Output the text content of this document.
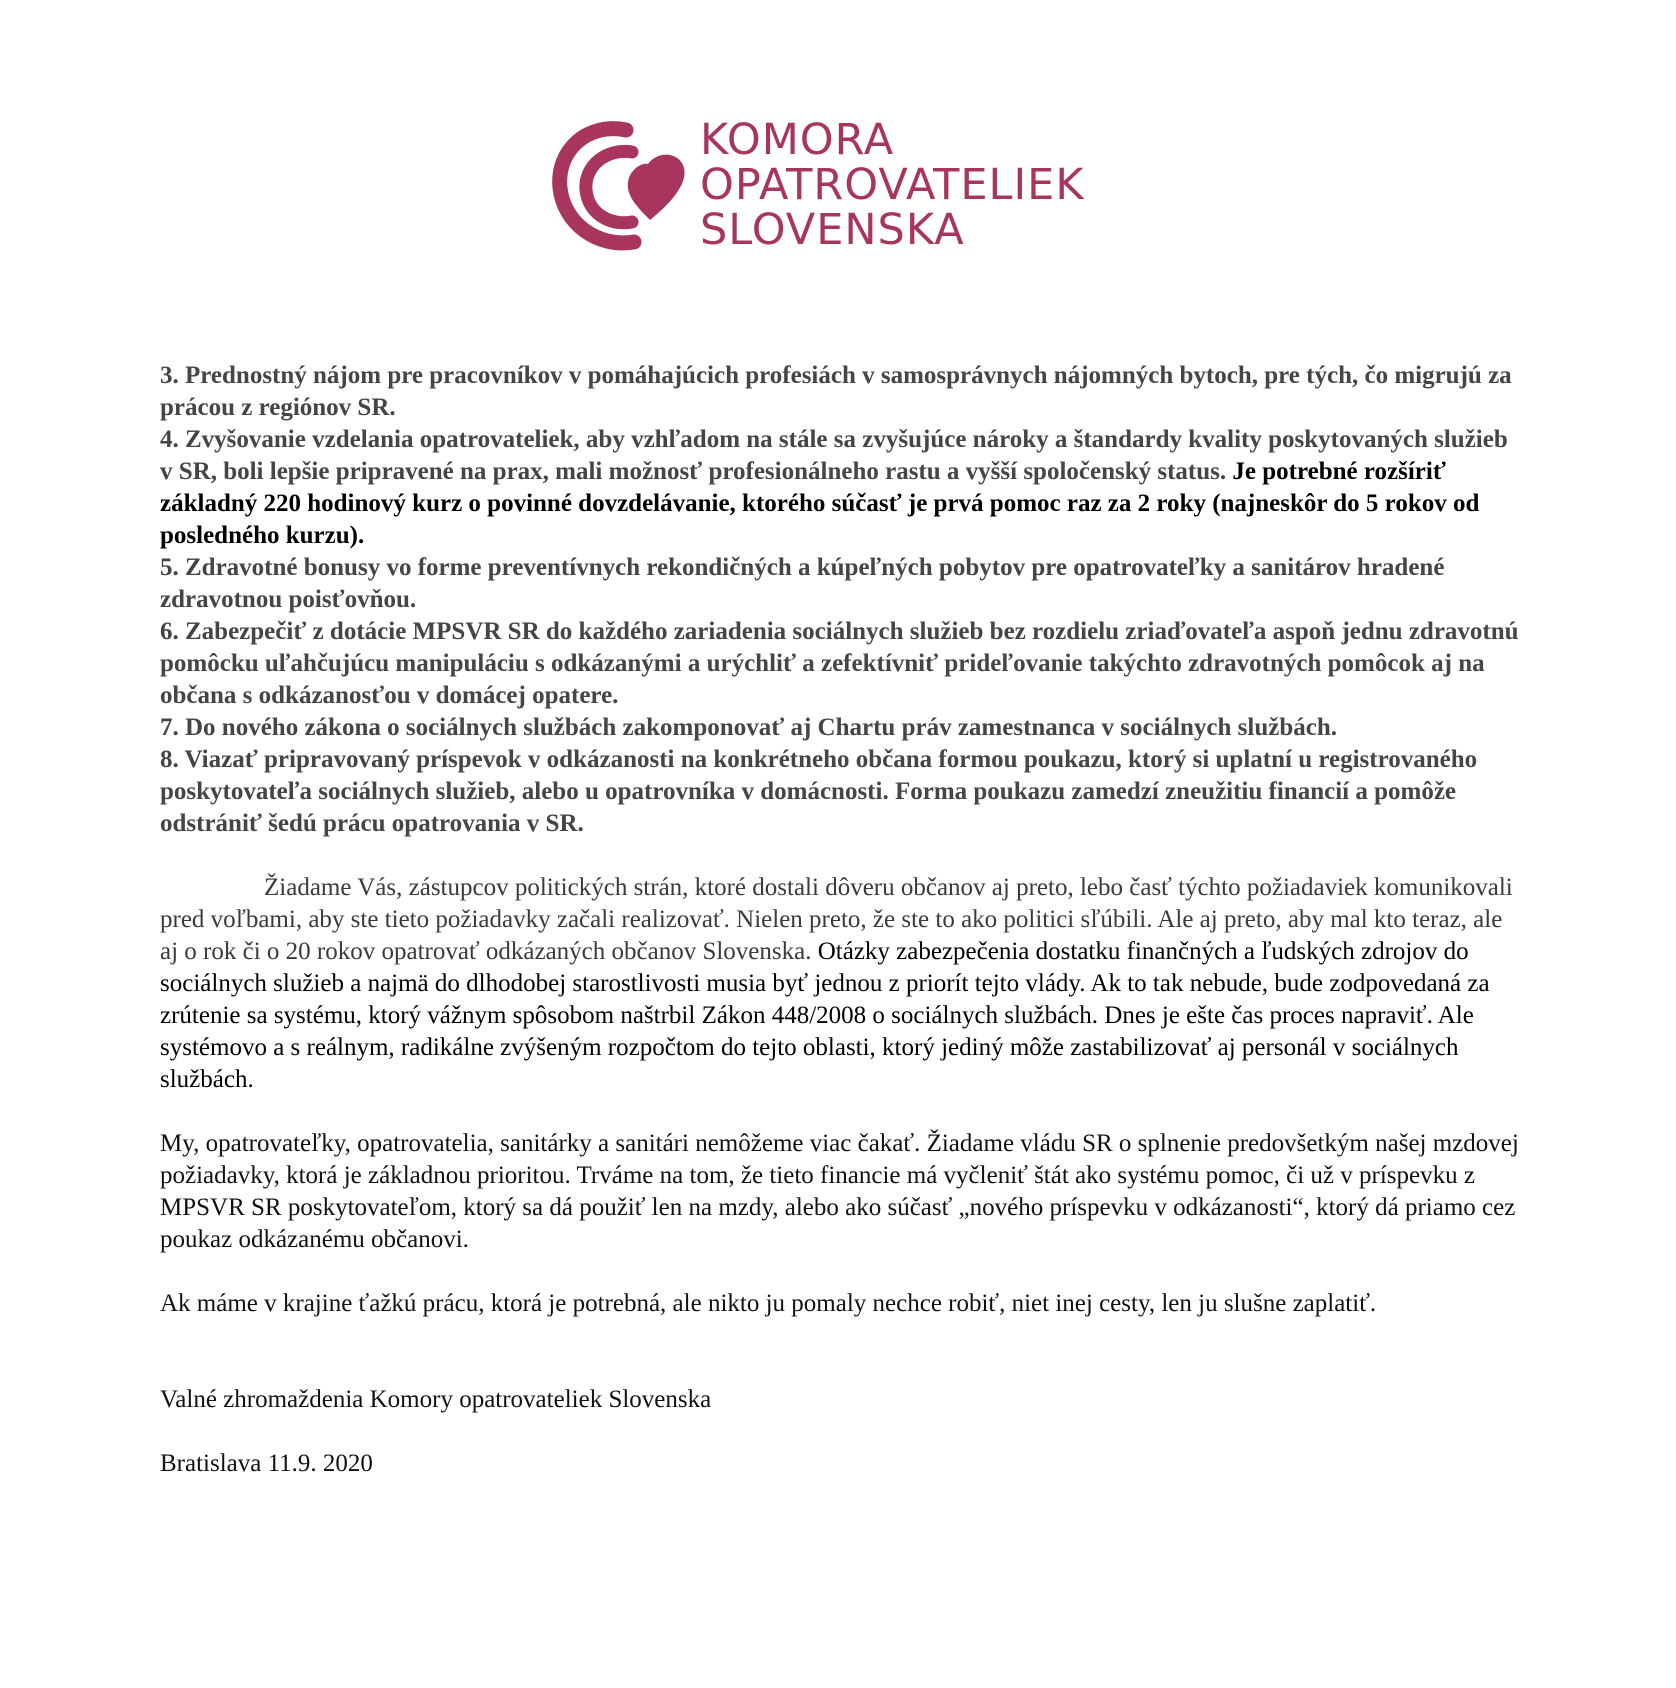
KOMORA
OPATROVATELIEK
SLOVENSKA

3. Prednostný nájom pre pracovníkov v pomáhajúcich profesiách v samosprávnych nájomných bytoch, pre tých, čo migrujú za prácou z regiónov SR.

4. Zvyšovanie vzdelania opatrovateliek, aby vzhľadom na stále sa zvyšujúce nároky a štandardy kvality poskytovaných služieb v SR, boli lepšie pripravené na prax, mali možnosť profesionálneho rastu a vyšší spoločenský status. Je potrebné rozšíriť základný 220 hodinový kurz o povinné dovzdelávanie, ktorého súčasť je prvá pomoc raz za 2 roky (najneskôr do 5 rokov od posledného kurzu).

5. Zdravotné bonusy vo forme preventívnych rekondičných a kúpeľných pobytov pre opatrovateľky a sanitárov hradené zdravotnou poisťovňou.

6. Zabezpečiť z dotácie MPSVR SR do každého zariadenia sociálnych služieb bez rozdielu zriaďovateľa aspoň jednu zdravotnú pomôcku uľahčujúcu manipuláciu s odkázanými a urýchliť a zefektívniť prideľovanie takýchto zdravotných pomôcok aj na občana s odkázanosťou v domácej opatere.

7. Do nového zákona o sociálnych službách zakomponovať aj Chartu práv zamestnanca v sociálnych službách.

8. Viazať pripravovaný príspevok v odkázanosti na konkrétneho občana formou poukazu, ktorý si uplatní u registrovaného poskytovateľa sociálnych služieb, alebo u opatrovníka v domácnosti. Forma poukazu zamedzí zneužitiu financií a pomôže odstrániť šedú prácu opatrovania v SR.

Žiadame Vás, zástupcov politických strán, ktoré dostali dôveru občanov aj preto, lebo časť týchto požiadaviek komunikovali pred voľbami, aby ste tieto požiadavky začali realizovať. Nielen preto, že ste to ako politici sľúbili. Ale aj preto, aby mal kto teraz, ale aj o rok či o 20 rokov opatrovať odkázaných občanov Slovenska. Otázky zabezpečenia dostatku finančných a ľudských zdrojov do sociálnych služieb a najmä do dlhodobej starostlivosti musia byť jednou z priorít tejto vlády. Ak to tak nebude, bude zodpovedaná za zrútenie sa systému, ktorý vážnym spôsobom naštrbil Zákon 448/2008 o sociálnych službách. Dnes je ešte čas proces napraviť. Ale systémovo a s reálnym, radikálne zvýšeným rozpočtom do tejto oblasti, ktorý jediný môže zastabilizovať aj personál v sociálnych službách.

My, opatrovateľky, opatrovatelia, sanitárky a sanitári nemôžeme viac čakať. Žiadame vládu SR o splnenie predovšetkým našej mzdovej požiadavky, ktorá je základnou prioritou. Trváme na tom, že tieto financie má vyčleniť štát ako systému pomoc, či už v príspevku z MPSVR SR poskytovateľom, ktorý sa dá použiť len na mzdy, alebo ako súčasť „nového príspevku v odkázanosti“, ktorý dá priamo cez poukaz odkázanému občanovi.

Ak máme v krajine ťažkú prácu, ktorá je potrebná, ale nikto ju pomaly nechce robiť, niet inej cesty, len ju slušne zaplatiť.

Valné zhromaždenia Komory opatrovateliek Slovenska

Bratislava 11.9. 2020
